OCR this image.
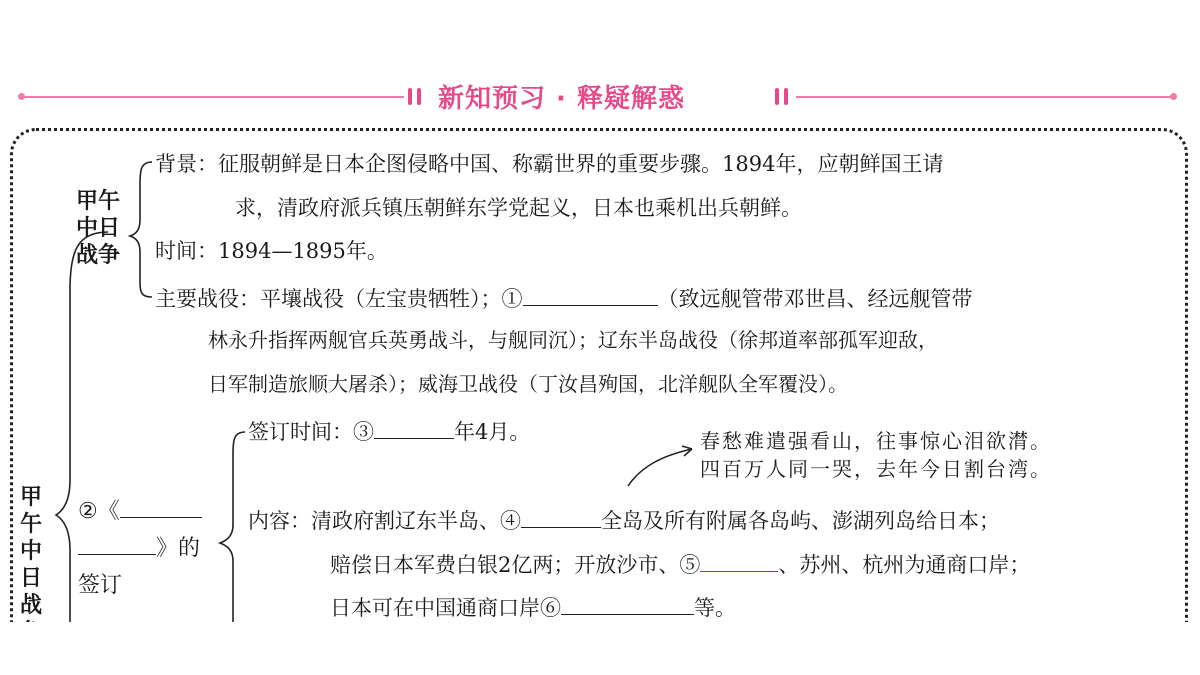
新知预习 · 释疑解惑
甲
午
中
日
战
甲午
中日
战争
背景：征服朝鲜是日本企图侵略中国、称霸世界的重要步骤。1894年，应朝鲜国王请
求，清政府派兵镇压朝鲜东学党起义，日本也乘机出兵朝鲜。
时间：1894—1895年。
主要战役：平壤战役（左宝贵牺牲）；①	（致远舰管带邓世昌、经远舰管带
林永升指挥两舰官兵英勇战斗，与舰同沉）；辽东半岛战役（徐邦道率部孤军迎敌，
日军制造旅顺大屠杀）；威海卫战役（丁汝昌殉国，北洋舰队全军覆没）。
②《
》的
签订
签订时间：③	年4月。	春愁难遣强看山，往事惊心泪欲潸。
四百万人同一哭，去年今日割台湾。
内容：清政府割辽东半岛、④	全岛及所有附属各岛屿、澎湖列岛给日本；
赔偿日本军费白银2亿两；开放沙市、⑤	、苏州、杭州为通商口岸；
日本可在中国通商口岸⑥	等。
